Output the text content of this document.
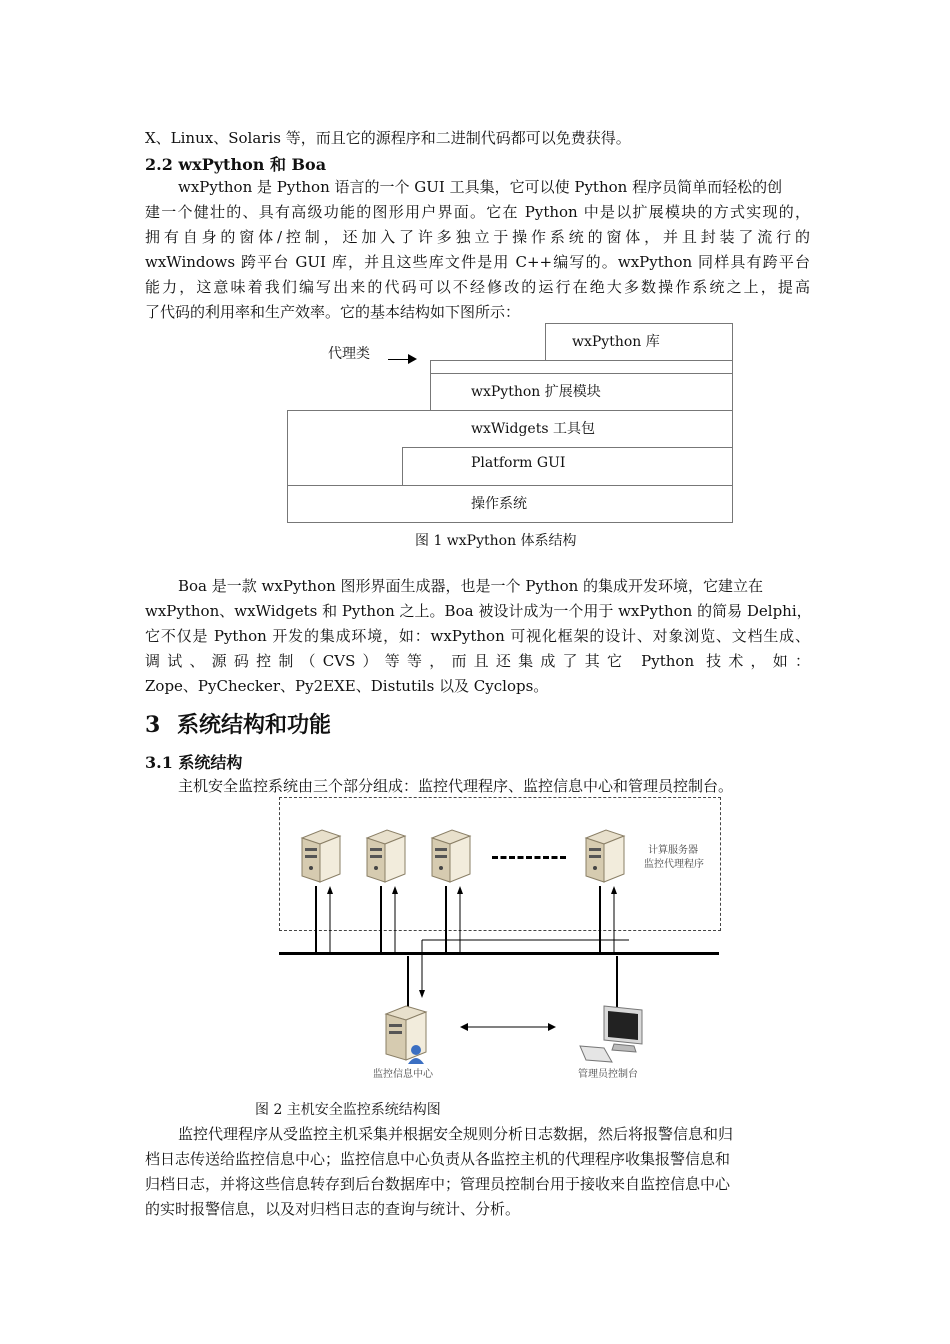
X、Linux、Solaris 等，而且它的源程序和二进制代码都可以免费获得。
2.2 wxPython 和 Boa
wxPython 是 Python 语言的一个 GUI 工具集，它可以使 Python 程序员简单而轻松的创
建一个健壮的、具有高级功能的图形用户界面。它在 Python 中是以扩展模块的方式实现的，
拥有自身的窗体/控制，还加入了许多独立于操作系统的窗体，并且封装了流行的
wxWindows 跨平台 GUI 库，并且这些库文件是用 C++编写的。wxPython 同样具有跨平台
能力，这意味着我们编写出来的代码可以不经修改的运行在绝大多数操作系统之上，提高
了代码的利用率和生产效率。它的基本结构如下图所示：
代理类
wxPython 库
wxPython 扩展模块
wxWidgets 工具包
Platform GUI
操作系统
图 1 wxPython 体系结构
Boa 是一款 wxPython 图形界面生成器，也是一个 Python 的集成开发环境，它建立在
wxPython、wxWidgets 和 Python 之上。Boa 被设计成为一个用于 wxPython 的简易 Delphi，
它不仅是 Python 开发的集成环境，如：wxPython 可视化框架的设计、对象浏览、文档生成、
调试、源码控制（CVS）等等，而且还集成了其它 Python 技术，如：
Zope、PyChecker、Py2EXE、Distutils 以及 Cyclops。
3 系统结构和功能
3.1 系统结构
主机安全监控系统由三个部分组成：监控代理程序、监控信息中心和管理员控制台。
计算服务器
监控代理程序
监控信息中心	管理员控制台
图 2 主机安全监控系统结构图
监控代理程序从受监控主机采集并根据安全规则分析日志数据，然后将报警信息和归
档日志传送给监控信息中心；监控信息中心负责从各监控主机的代理程序收集报警信息和
归档日志，并将这些信息转存到后台数据库中；管理员控制台用于接收来自监控信息中心
的实时报警信息，以及对归档日志的查询与统计、分析。
